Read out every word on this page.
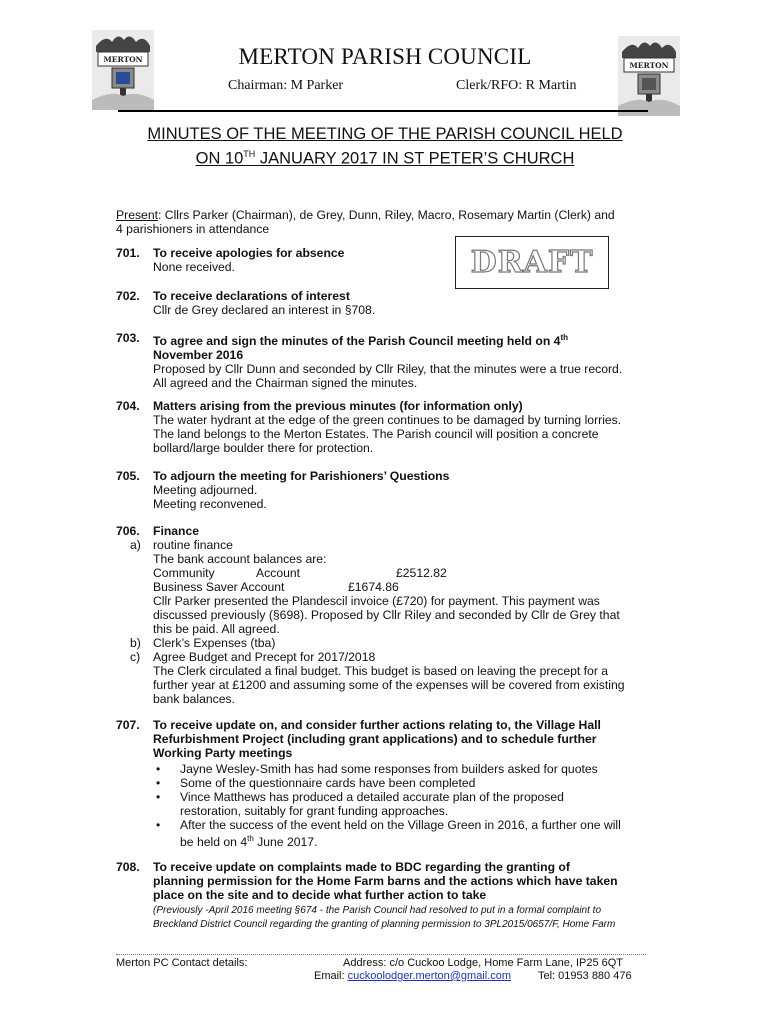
MERTON
MERTON
MERTON PARISH COUNCIL
Chairman: M Parker	Clerk/RFO: R Martin
MINUTES OF THE MEETING OF THE PARISH COUNCIL HELD
ON 10TH JANUARY 2017 IN ST PETER’S CHURCH
Present: Cllrs Parker (Chairman), de Grey, Dunn, Riley, Macro, Rosemary Martin (Clerk) and
4 parishioners in attendance
DRAFT
701. To receive apologies for absence
None received.
702. To receive declarations of interest
Cllr de Grey declared an interest in §708.
703. To agree and sign the minutes of the Parish Council meeting held on 4th
November 2016
Proposed by Cllr Dunn and seconded by Cllr Riley, that the minutes were a true record.
All agreed and the Chairman signed the minutes.
704. Matters arising from the previous minutes (for information only)
The water hydrant at the edge of the green continues to be damaged by turning lorries.
The land belongs to the Merton Estates. The Parish council will position a concrete
bollard/large boulder there for protection.
705. To adjourn the meeting for Parishioners’ Questions
Meeting adjourned.
Meeting reconvened.
706. Finance
a) routine finance
The bank account balances are:
Community	Account	£2512.82
Business Saver Account	£1674.86
Cllr Parker presented the Plandescil invoice (£720) for payment. This payment was
discussed previously (§698). Proposed by Cllr Riley and seconded by Cllr de Grey that
this be paid. All agreed.
b) Clerk’s Expenses (tba)
c) Agree Budget and Precept for 2017/2018
The Clerk circulated a final budget. This budget is based on leaving the precept for a
further year at £1200 and assuming some of the expenses will be covered from existing
bank balances.
707. To receive update on, and consider further actions relating to, the Village Hall
Refurbishment Project (including grant applications) and to schedule further
Working Party meetings
•
•
•
•
Jayne Wesley-Smith has had some responses from builders asked for quotes
Some of the questionnaire cards have been completed
Vince Matthews has produced a detailed accurate plan of the proposed
restoration, suitably for grant funding approaches.
After the success of the event held on the Village Green in 2016, a further one will
be held on 4th June 2017.
708. To receive update on complaints made to BDC regarding the granting of
planning permission for the Home Farm barns and the actions which have taken
place on the site and to decide what further action to take
(Previously -April 2016 meeting §674 - the Parish Council had resolved to put in a formal complaint to
Breckland District Council regarding the granting of planning permission to 3PL2015/0657/F, Home Farm
Merton PC Contact details:	Address: c/o Cuckoo Lodge, Home Farm Lane, IP25 6QT
Email: cuckoolodger.merton@gmail.com Tel: 01953 880 476
